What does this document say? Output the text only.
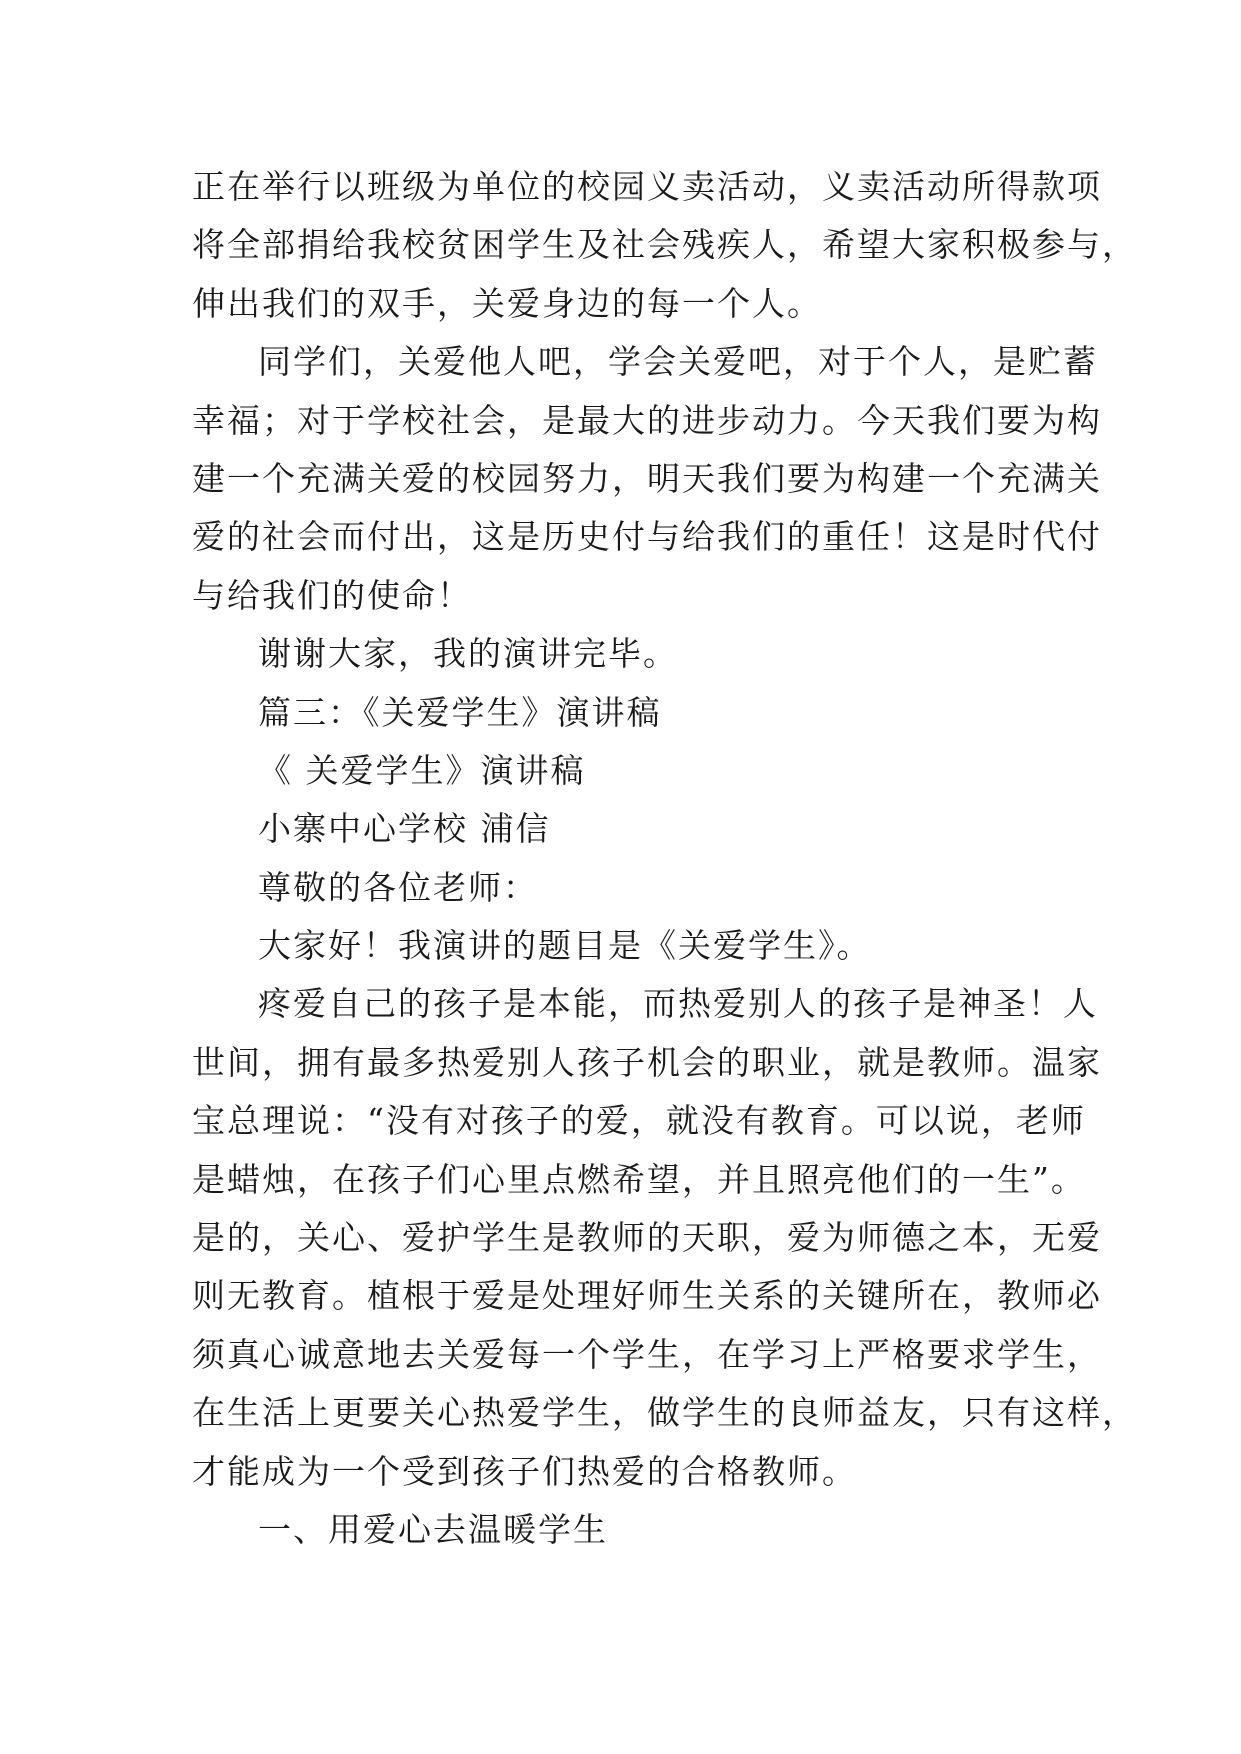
正在举行以班级为单位的校园义卖活动，义卖活动所得款项
将全部捐给我校贫困学生及社会残疾人，希望大家积极参与，
伸出我们的双手，关爱身边的每一个人。
同学们，关爱他人吧，学会关爱吧，对于个人，是贮蓄
幸福；对于学校社会，是最大的进步动力。今天我们要为构
建一个充满关爱的校园努力，明天我们要为构建一个充满关
爱的社会而付出，这是历史付与给我们的重任！这是时代付
与给我们的使命！
谢谢大家，我的演讲完毕。
篇三：《关爱学生》演讲稿
《 关爱学生》演讲稿
小寨中心学校 浦信
尊敬的各位老师：
大家好！我演讲的题目是《关爱学生》。
疼爱自己的孩子是本能，而热爱别人的孩子是神圣！人
世间，拥有最多热爱别人孩子机会的职业，就是教师。温家
宝总理说：“没有对孩子的爱，就没有教育。可以说，老师
是蜡烛，在孩子们心里点燃希望，并且照亮他们的一生”。
是的，关心、爱护学生是教师的天职，爱为师德之本，无爱
则无教育。植根于爱是处理好师生关系的关键所在，教师必
须真心诚意地去关爱每一个学生，在学习上严格要求学生，
在生活上更要关心热爱学生，做学生的良师益友，只有这样，
才能成为一个受到孩子们热爱的合格教师。
一、用爱心去温暖学生
